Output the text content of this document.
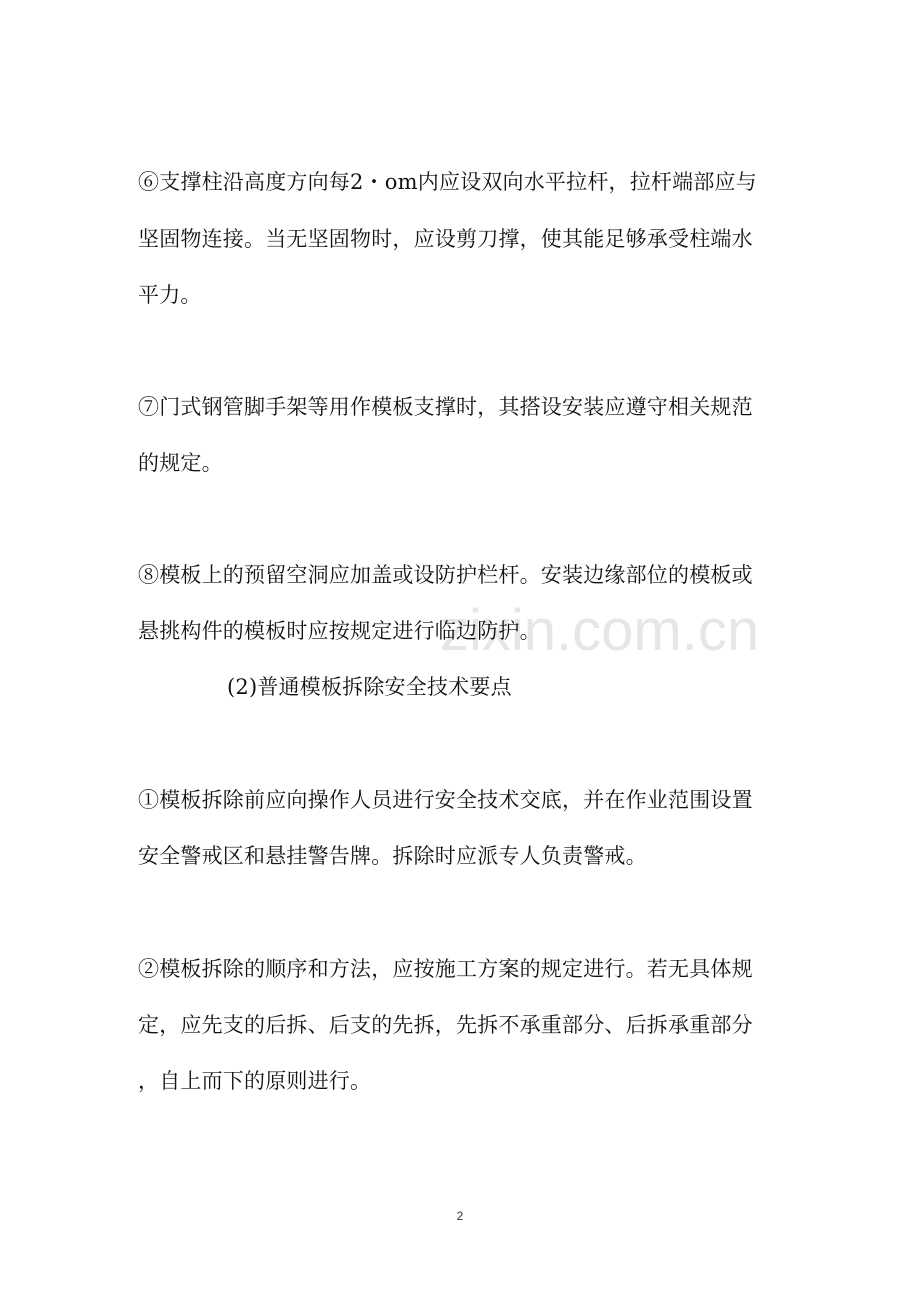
zixin.com.cn
⑥支撑柱沿高度方向每2・om内应设双向水平拉杆，拉杆端部应与
坚固物连接。当无坚固物时，应设剪刀撑，使其能足够承受柱端水
平力。
⑦门式钢管脚手架等用作模板支撑时，其搭设安装应遵守相关规范
的规定。
⑧模板上的预留空洞应加盖或设防护栏杆。安装边缘部位的模板或
悬挑构件的模板时应按规定进行临边防护。
(2)普通模板拆除安全技术要点
①模板拆除前应向操作人员进行安全技术交底，并在作业范围设置
安全警戒区和悬挂警告牌。拆除时应派专人负责警戒。
②模板拆除的顺序和方法，应按施工方案的规定进行。若无具体规
定，应先支的后拆、后支的先拆，先拆不承重部分、后拆承重部分
，自上而下的原则进行。
2
